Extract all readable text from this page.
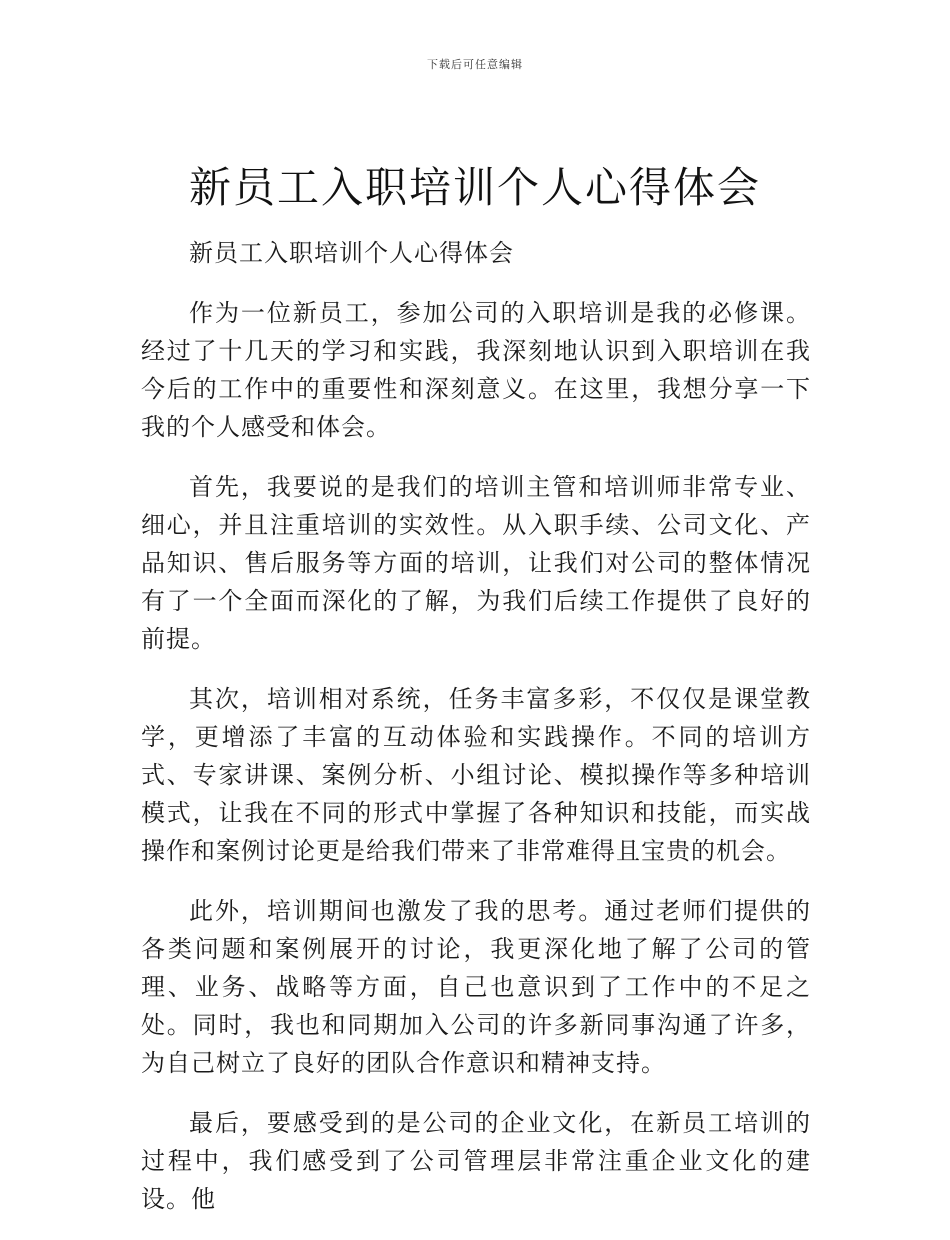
下载后可任意编辑
新员工入职培训个人心得体会

新员工入职培训个人心得体会

作为一位新员工，参加公司的入职培训是我的必修课。经过了十几天的学习和实践，我深刻地认识到入职培训在我今后的工作中的重要性和深刻意义。在这里，我想分享一下我的个人感受和体会。

首先，我要说的是我们的培训主管和培训师非常专业、细心，并且注重培训的实效性。从入职手续、公司文化、产品知识、售后服务等方面的培训，让我们对公司的整体情况有了一个全面而深化的了解，为我们后续工作提供了良好的前提。

其次，培训相对系统，任务丰富多彩，不仅仅是课堂教学，更增添了丰富的互动体验和实践操作。不同的培训方式、专家讲课、案例分析、小组讨论、模拟操作等多种培训模式，让我在不同的形式中掌握了各种知识和技能，而实战操作和案例讨论更是给我们带来了非常难得且宝贵的机会。

此外，培训期间也激发了我的思考。通过老师们提供的各类问题和案例展开的讨论，我更深化地了解了公司的管理、业务、战略等方面，自己也意识到了工作中的不足之处。同时，我也和同期加入公司的许多新同事沟通了许多，为自己树立了良好的团队合作意识和精神支持。

最后，要感受到的是公司的企业文化，在新员工培训的过程中，我们感受到了公司管理层非常注重企业文化的建设。他
